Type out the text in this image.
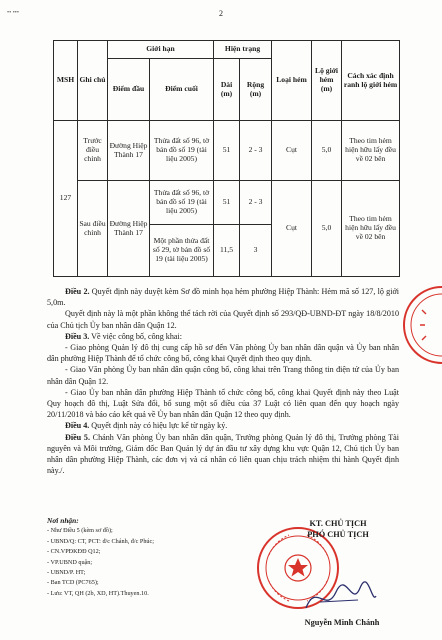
•• •••	2
MSH	Ghi chú	Giới hạn		Hiện trạng		Loại hẻm	Lộ giới hẻm (m)	Cách xác định ranh lộ giới hẻm
		Điểm đầu	Điểm cuối	Dài (m)	Rộng (m)			
127	Trước điều chỉnh	Đường Hiệp Thành 17	Thửa đất số 96, tờ bản đồ số 19 (tài liệu 2005)	51	2 - 3	Cụt	5,0	Theo tim hẻm hiện hữu lấy đều về 02 bên
	Sau điều chỉnh	Đường Hiệp Thành 17	Thửa đất số 96, tờ bản đồ số 19 (tài liệu 2005)	51	2 - 3	Cụt	5,0	Theo tim hẻm hiện hữu lấy đều về 02 bên
			Một phần thửa đất số 29, tờ bản đồ số 19 (tài liệu 2005)	11,5	3			

Điều 2. Quyết định này duyệt kèm Sơ đồ minh họa hẻm phường Hiệp Thành: Hẻm mã số 127, lộ giới 5,0m.

Quyết định này là một phần không thể tách rời của Quyết định số 293/QĐ-UBND-ĐT ngày 18/8/2010 của Chủ tịch Ủy ban nhân dân Quận 12.

Điều 3. Về việc công bố, công khai:

- Giao phòng Quản lý đô thị cung cấp hồ sơ đến Văn phòng Ủy ban nhân dân quận và Ủy ban nhân dân phường Hiệp Thành để tổ chức công bố, công khai Quyết định theo quy định.

- Giao Văn phòng Ủy ban nhân dân quận công bố, công khai trên Trang thông tin điện tử của Ủy ban nhân dân Quận 12.

- Giao Ủy ban nhân dân phường Hiệp Thành tổ chức công bố, công khai Quyết định này theo Luật Quy hoạch đô thị, Luật Sửa đổi, bổ sung một số điều của 37 Luật có liên quan đến quy hoạch ngày 20/11/2018 và báo cáo kết quả về Ủy ban nhân dân Quận 12 theo quy định.

Điều 4. Quyết định này có hiệu lực kể từ ngày ký.

Điều 5. Chánh Văn phòng Ủy ban nhân dân quận, Trưởng phòng Quản lý đô thị, Trưởng phòng Tài nguyên và Môi trường, Giám đốc Ban Quản lý dự án đầu tư xây dựng khu vực Quận 12, Chủ tịch Ủy ban nhân dân phường Hiệp Thành, các đơn vị và cá nhân có liên quan chịu trách nhiệm thi hành Quyết định này./.

Nơi nhận:
- Như Điều 5 (kèm sơ đồ);
- UBND/Q: CT, PCT: đ/c Chánh, đ/c Phúc;
- CN.VPĐKĐĐ Q12;
- VP.UBND quận;
- UBND/P. HT;
- Ban TCD (PC765);
- Lưu: VT, QH (2b, XD, HT).Thuyen.10.
KT. CHỦ TỊCH
PHÓ CHỦ TỊCH
Nguyễn Minh Chánh
